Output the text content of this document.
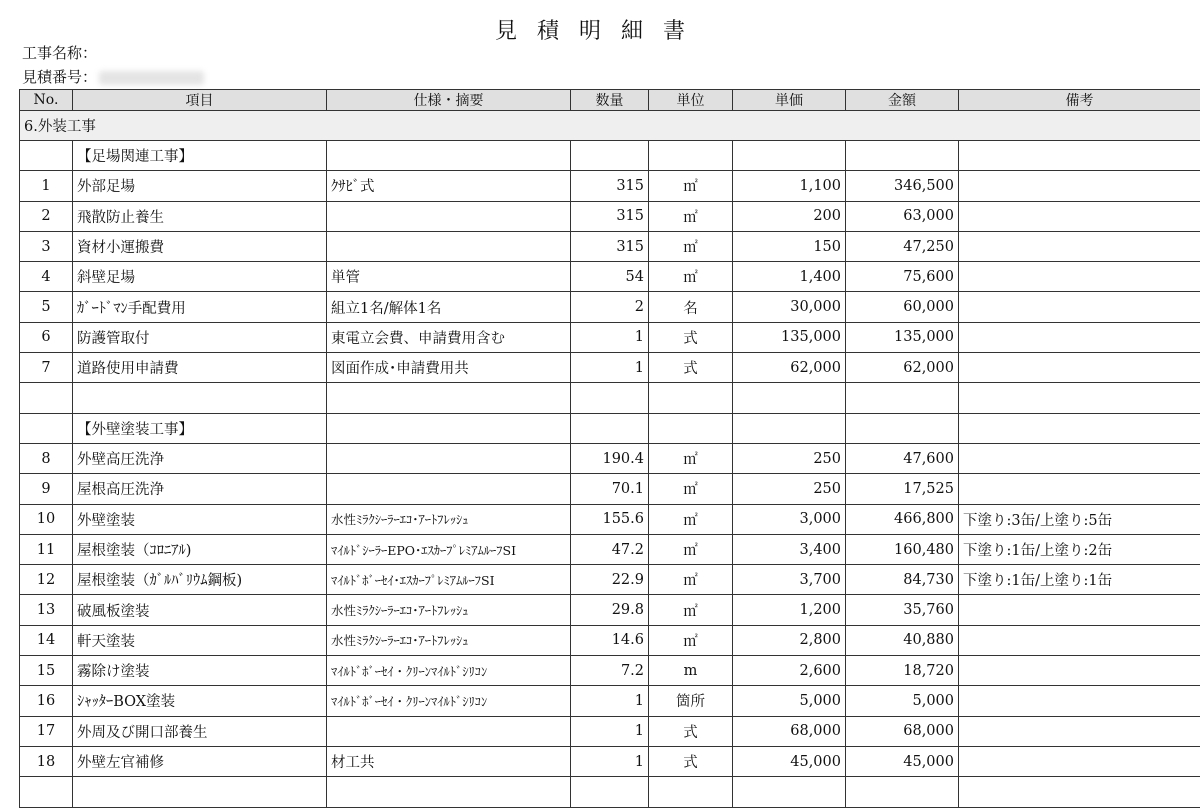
見積明細書
工事名称：
見積番号：
No.	項目	仕様・摘要	数量	単位	単価	金額	備考
6.外装工事							
	【足場関連工事】						
1	外部足場	ｸｻﾋﾞ式	315	㎡	1,100	346,500	
2	飛散防止養生		315	㎡	200	63,000	
3	資材小運搬費		315	㎡	150	47,250	
4	斜壁足場	単管	54	㎡	1,400	75,600	
5	ｶﾞｰﾄﾞﾏﾝ手配費用	組立1名/解体1名	2	名	30,000	60,000	
6	防護管取付	東電立会費、申請費用含む	1	式	135,000	135,000	
7	道路使用申請費	図面作成･申請費用共	1	式	62,000	62,000	

	【外壁塗装工事】						
8	外壁高圧洗浄		190.4	㎡	250	47,600	
9	屋根高圧洗浄		70.1	㎡	250	17,525	
10	外壁塗装	水性ﾐﾗｸｼｰﾗｰｴｺ･ｱｰﾄﾌﾚｯｼｭ	155.6	㎡	3,000	466,800	下塗り:3缶/上塗り:5缶
11	屋根塗装（ｺﾛﾆｱﾙ)	ﾏｲﾙﾄﾞｼｰﾗｰEPO･ｴｽｶｰﾌﾟﾚﾐｱﾑﾙｰﾌSI	47.2	㎡	3,400	160,480	下塗り:1缶/上塗り:2缶
12	屋根塗装（ｶﾞﾙﾊﾞﾘｳﾑ鋼板)	ﾏｲﾙﾄﾞﾎﾞｰｾｲ･ｴｽｶｰﾌﾟﾚﾐｱﾑﾙｰﾌSI	22.9	㎡	3,700	84,730	下塗り:1缶/上塗り:1缶
13	破風板塗装	水性ﾐﾗｸｼｰﾗｰｴｺ･ｱｰﾄﾌﾚｯｼｭ	29.8	㎡	1,200	35,760	
14	軒天塗装	水性ﾐﾗｸｼｰﾗｰｴｺ･ｱｰﾄﾌﾚｯｼｭ	14.6	㎡	2,800	40,880	
15	霧除け塗装	ﾏｲﾙﾄﾞﾎﾞｰｾｲ・ｸﾘｰﾝﾏｲﾙﾄﾞｼﾘｺﾝ	7.2	m	2,600	18,720	
16	ｼｬｯﾀｰBOX塗装	ﾏｲﾙﾄﾞﾎﾞｰｾｲ・ｸﾘｰﾝﾏｲﾙﾄﾞｼﾘｺﾝ	1	箇所	5,000	5,000	
17	外周及び開口部養生		1	式	68,000	68,000	
18	外壁左官補修	材工共	1	式	45,000	45,000	
